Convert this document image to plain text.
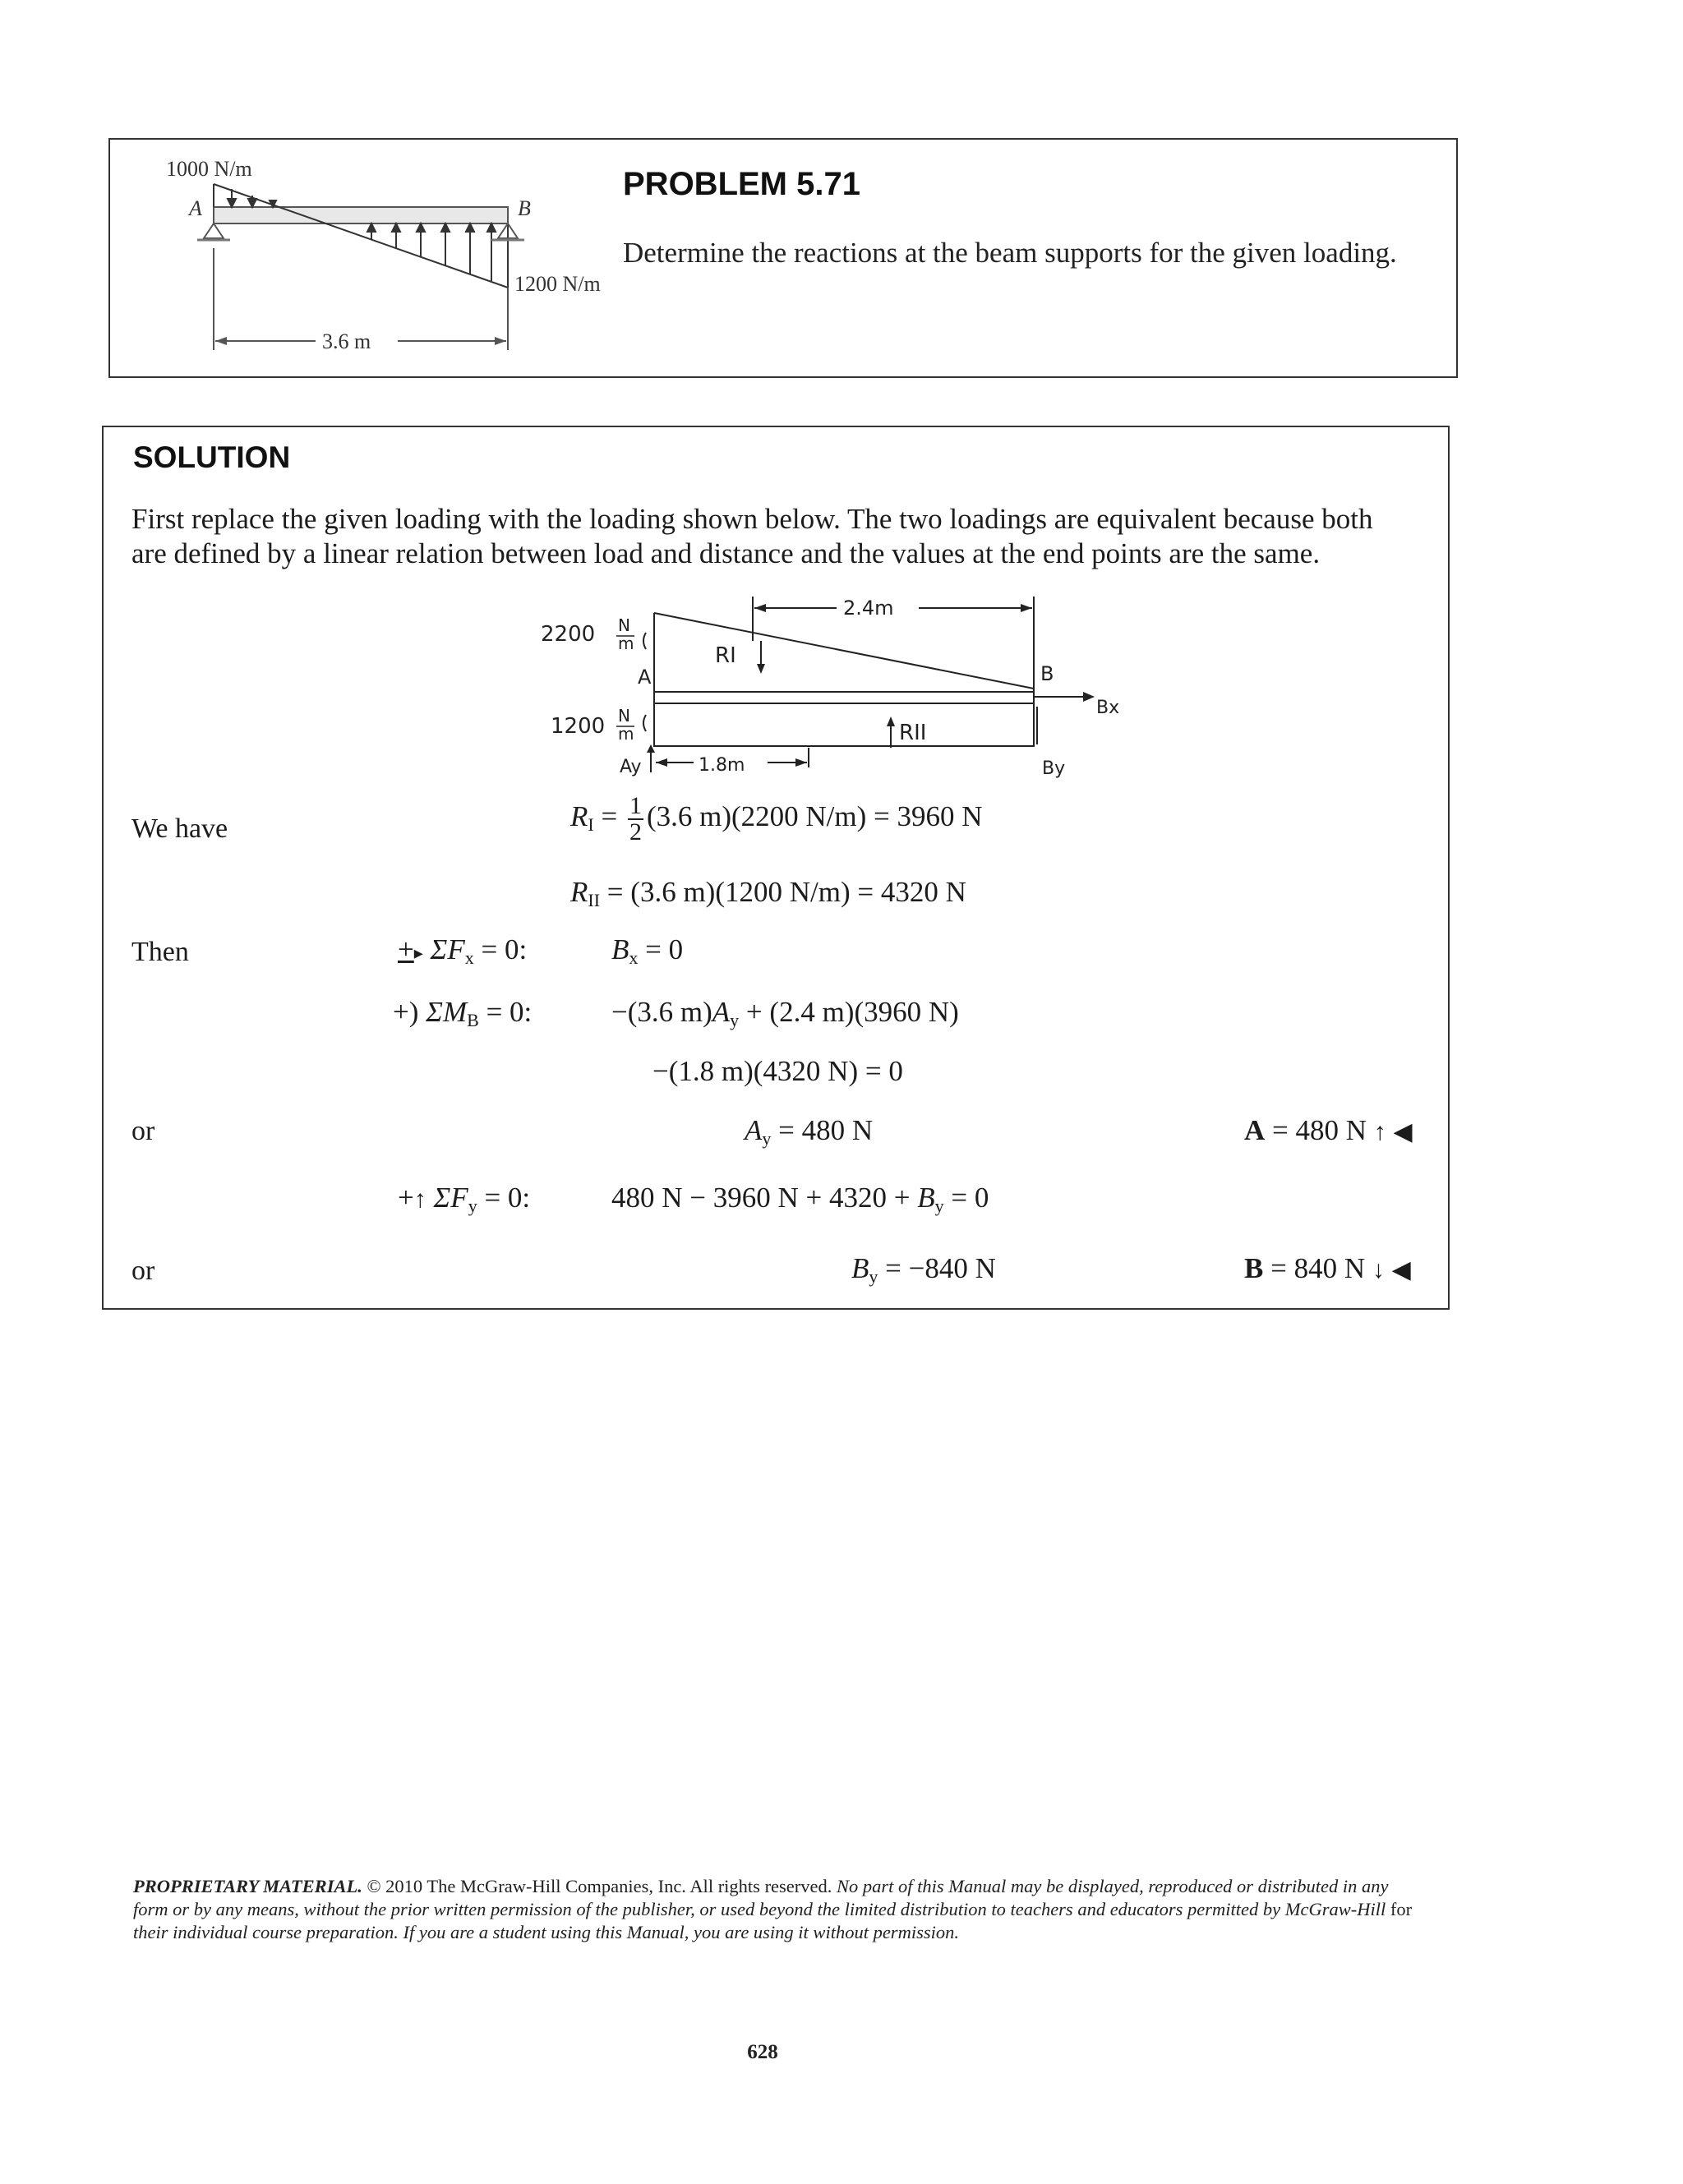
1000 N/m
A	B
1200 N/m
3.6 m
PROBLEM 5.71
Determine the reactions at the beam supports for the given loading.
SOLUTION
First replace the given loading with the loading shown below. The two loadings are equivalent because both
are defined by a linear relation between load and distance and the values at the end points are the same.
2.4m
RI
RII
2200 N
m
A
1200 N
m
Ay	1.8m
B
Bx
By
We have
Then
or
or
$R_I = \frac{1}{2} (3.6$ m)(2200 N/m) = 3960 N
$R_{II} = (3.6$ m)(1200 N/m) = 4320 N
+▸ $\Sigma F_x = 0$:	$B_x = 0$
+) $\Sigma M_B = 0$:	−(3.6 $m)A_y + (2.4$ m)(3960 N)
−(1.8 m)(4320 N) = 0
$A_y = 480$ N	A = 480 N ↑ ◀
+↑ $\Sigma F_y = 0$:	480 N − 3960 $N + 4320 + B_y = 0$
$B_y = -840$ N	B = 840 N ↓ ◀
PROPRIETARY MATERIAL. © 2010 The McGraw-Hill Companies, Inc. All rights reserved. No part of this Manual may be displayed, reproduced or distributed in any form or by any means, without the prior written permission of the publisher, or used beyond the limited distribution to teachers and educators permitted by McGraw-Hill for their individual course preparation. If you are a student using this Manual, you are using it without permission.
628
